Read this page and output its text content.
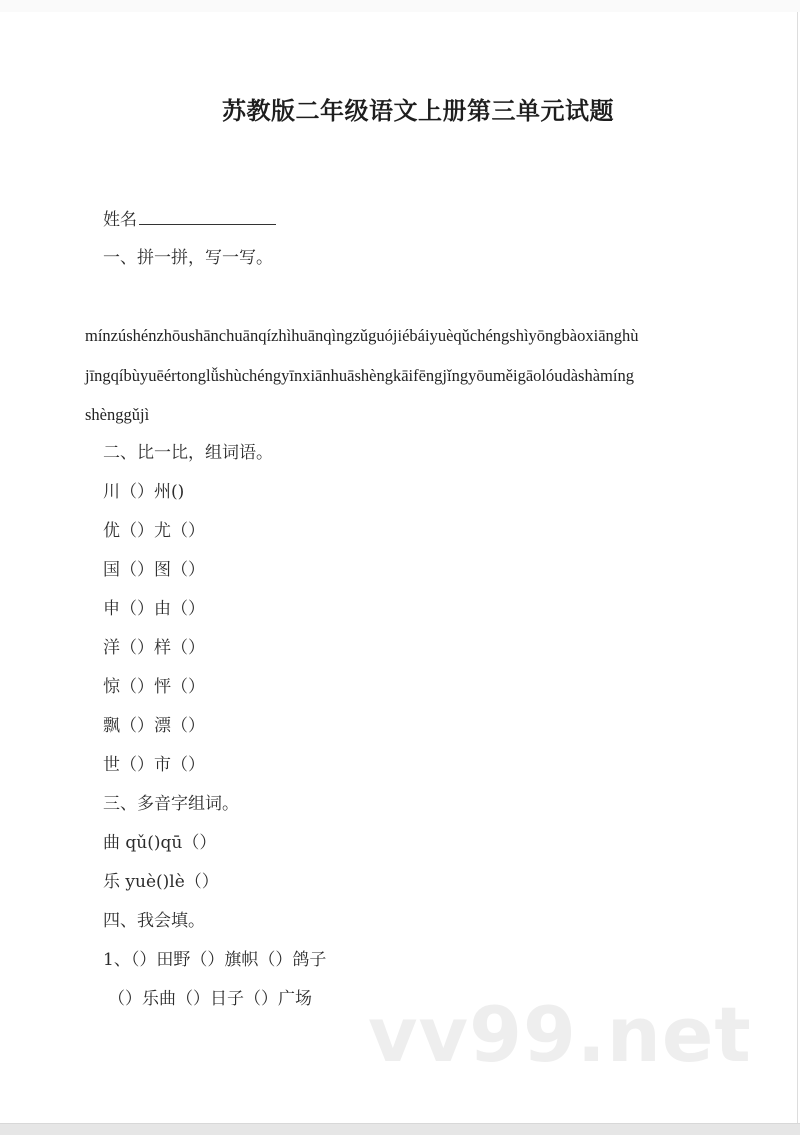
苏教版二年级语文上册第三单元试题
姓名
一、拼一拼，写一写。
mínzúshénzhōushānchuānqízhìhuānqìngzǔguójiébáiyuèqǔchéngshìyōngbàoxiānghù
jīngqíbùyuēértonglǚshùchéngyīnxiānhuāshèngkāifēngjǐngyōuměigāolóudàshàmíng
shènggǔjì
二、比一比，组词语。
川（）州()
优（）尤（）
国（）图（）
申（）由（）
洋（）样（）
惊（）怦（）
飘（）漂（）
世（）市（）
三、多音字组词。
曲 qǔ()qū（）
乐 yuè()lè（）
四、我会填。
1、（）田野（）旗帜（）鸽子
（）乐曲（）日子（）广场 vv99.net
